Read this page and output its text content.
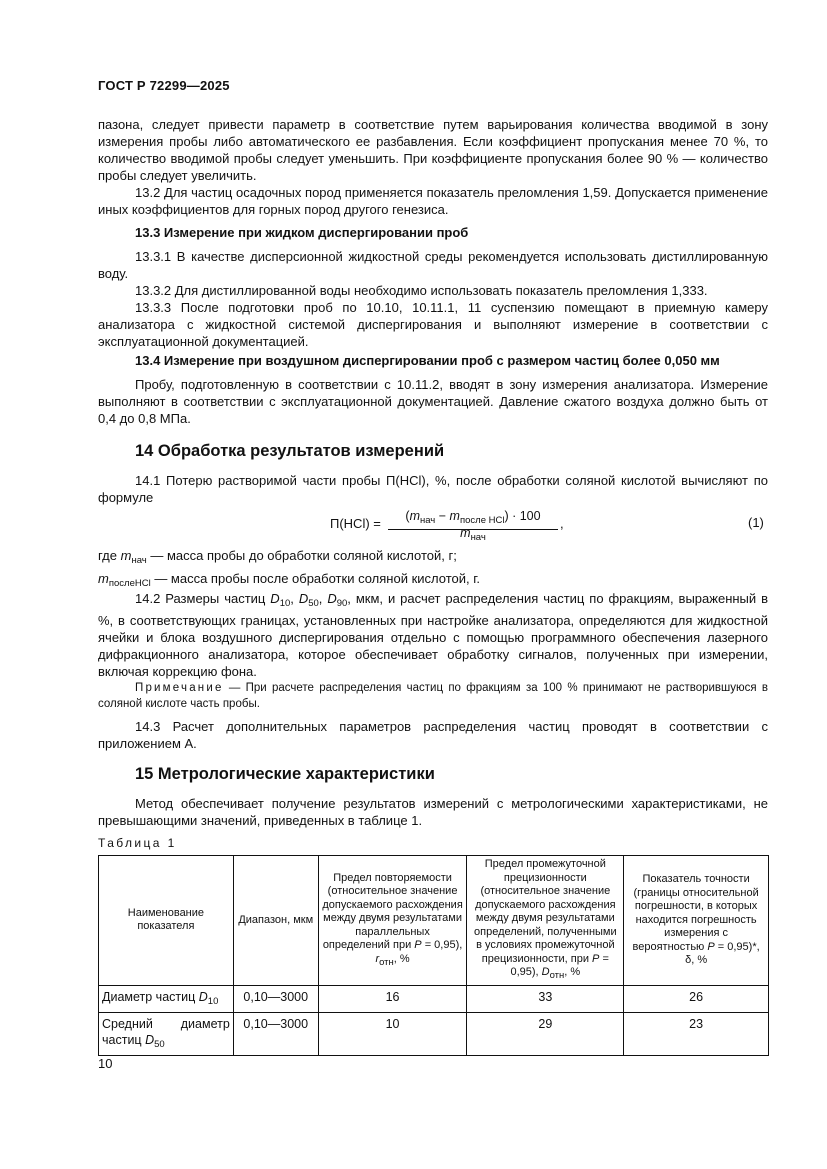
ГОСТ Р 72299—2025

пазона, следует привести параметр в соответствие путем варьирования количества вводимой в зону измерения пробы либо автоматического ее разбавления. Если коэффициент пропускания менее 70 %, то количество вводимой пробы следует уменьшить. При коэффициенте пропускания более 90 % — количество пробы следует увеличить.

13.2 Для частиц осадочных пород применяется показатель преломления 1,59. Допускается применение иных коэффициентов для горных пород другого генезиса.

13.3 Измерение при жидком диспергировании проб

13.3.1 В качестве дисперсионной жидкостной среды рекомендуется использовать дистиллированную воду.

13.3.2 Для дистиллированной воды необходимо использовать показатель преломления 1,333.

13.3.3 После подготовки проб по 10.10, 10.11.1, 11 суспензию помещают в приемную камеру анализатора с жидкостной системой диспергирования и выполняют измерение в соответствии с эксплуатационной документацией.

13.4 Измерение при воздушном диспергировании проб с размером частиц более 0,050 мм
Пробу, подготовленную в соответствии с 10.11.2, вводят в зону измерения анализатора. Измерение выполняют в соответствии с эксплуатационной документацией. Давление сжатого воздуха должно быть от 0,4 до 0,8 МПа.
14 Обработка результатов измерений
14.1 Потерю растворимой части пробы П(HCl), %, после обработки соляной кислотой вычисляют по формуле
П(HCl) =	$(m_{нач} - m_{после HCl}) \cdot 100$
$m_{нач}$
,	(1)
где $m_{нач}$ — масса пробы до обработки соляной кислотой, г;
$m_{послеHCl}$ — масса пробы после обработки соляной кислотой, г.
14.2 Размеры частиц $D_{10}$, $D_{50}$, $D_{90}$, мкм, и расчет распределения частиц по фракциям, выраженный в %, в соответствующих границах, установленных при настройке анализатора, определяются для жидкостной ячейки и блока воздушного диспергирования отдельно с помощью программного обеспечения лазерного дифракционного анализатора, которое обеспечивает обработку сигналов, полученных при измерении, включая коррекцию фона.
Примечание — При расчете распределения частиц по фракциям за 100 % принимают не растворившуюся в соляной кислоте часть пробы.
14.3 Расчет дополнительных параметров распределения частиц проводят в соответствии с приложением А.
15 Метрологические характеристики
Метод обеспечивает получение результатов измерений с метрологическими характеристиками, не превышающими значений, приведенных в таблице 1.
Таблица 1
Наименование показателя	Диапазон, мкм	Предел повторяемости (относительное значение допускаемого расхождения между двумя результатами параллельных определений при P = 0,95), $r_{отн}$, %	Предел промежуточной прецизионности (относительное значение допускаемого расхождения между двумя результатами определений, полученными в условиях промежуточной прецизионности, при P = 0,95), $D_{отн}$, %	Показатель точности (границы относительной погрешности, в которых находится погрешность измерения с вероятностью P = 0,95)*, δ, %
Диаметр частиц $D_{10}$	0,10—3000	16	33	26
Средний диаметр частиц $D_{50}$	0,10—3000	10	29	23
10
